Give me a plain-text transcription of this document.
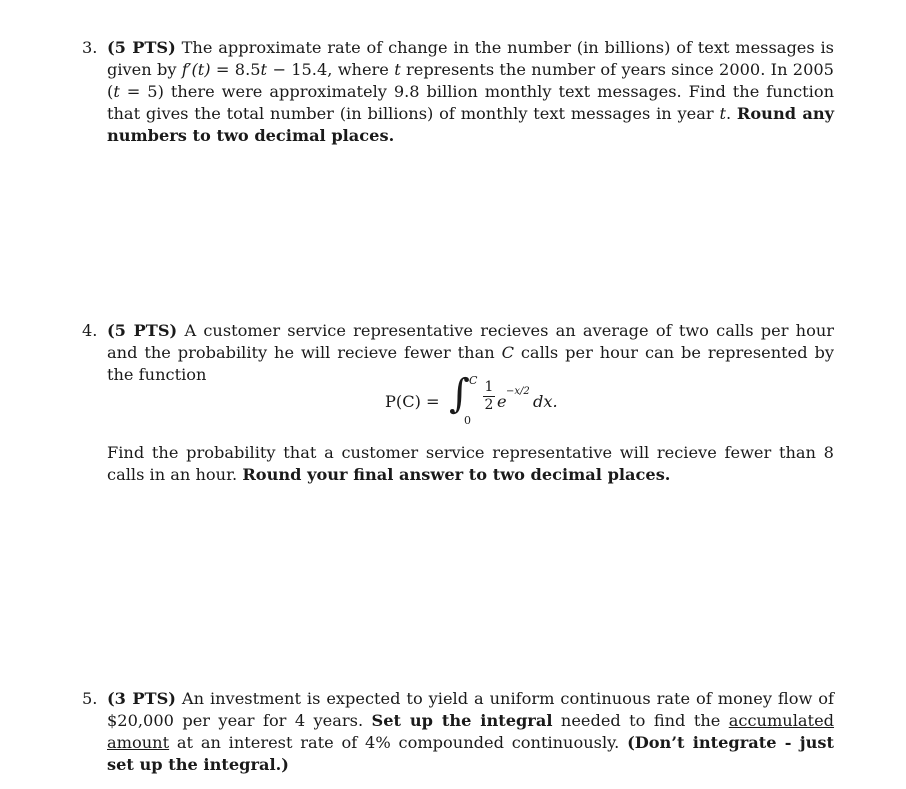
3. (5 PTS) The approximate rate of change in the number (in billions) of text messages is given by f′(t) = 8.5t − 15.4, where t represents the number of years since 2000. In 2005 (t = 5) there were approximately 9.8 billion monthly text messages. Find the function that gives the total number (in billions) of monthly text messages in year t. Round any numbers to two decimal places.

4. (5 PTS) A customer service representative recieves an average of two calls per hour and the probability he will recieve fewer than C calls per hour can be represented by the function

P(C) = ∫ C
0
1
2 e
−x/2
dx.

Find the probability that a customer service representative will recieve fewer than 8 calls in an hour. Round your final answer to two decimal places.

5. (3 PTS) An investment is expected to yield a uniform continuous rate of money flow of $20,000 per year for 4 years. Set up the integral needed to find the accumulated amount at an interest rate of 4% compounded continuously. (Don’t integrate - just set up the integral.)
